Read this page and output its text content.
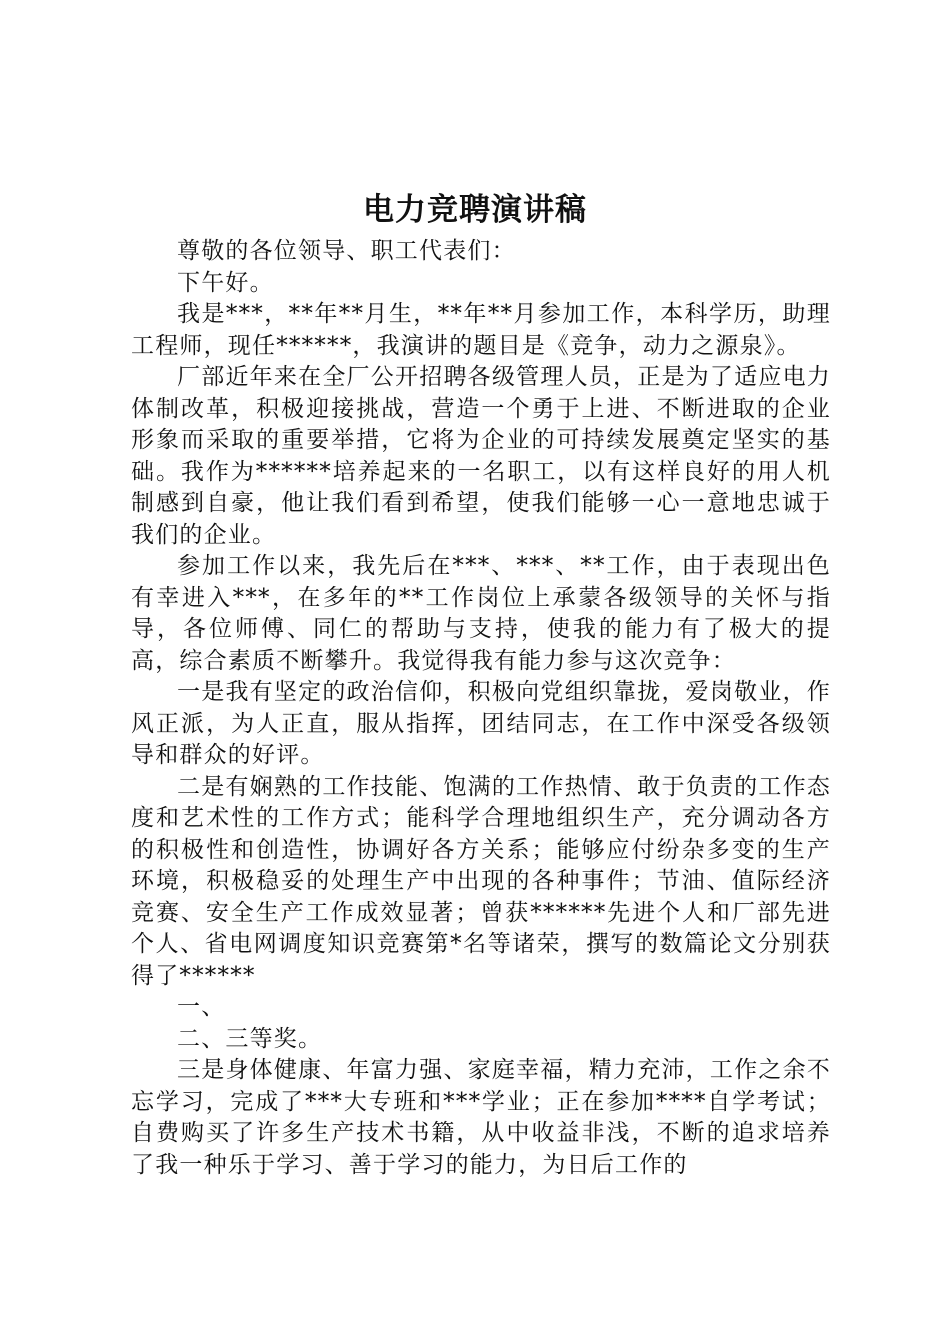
电力竞聘演讲稿

尊敬的各位领导、职工代表们：

下午好。

我是***，**年**月生，**年**月参加工作，本科学历，助理工程师，现任******，我演讲的题目是《竞争，动力之源泉》。

厂部近年来在全厂公开招聘各级管理人员，正是为了适应电力体制改革，积极迎接挑战，营造一个勇于上进、不断进取的企业形象而采取的重要举措，它将为企业的可持续发展奠定坚实的基础。我作为******培养起来的一名职工，以有这样良好的用人机制感到自豪，他让我们看到希望，使我们能够一心一意地忠诚于我们的企业。

参加工作以来，我先后在***、***、**工作，由于表现出色有幸进入***，在多年的**工作岗位上承蒙各级领导的关怀与指导，各位师傅、同仁的帮助与支持，使我的能力有了极大的提高，综合素质不断攀升。我觉得我有能力参与这次竞争：

一是我有坚定的政治信仰，积极向党组织靠拢，爱岗敬业，作风正派，为人正直，服从指挥，团结同志，在工作中深受各级领导和群众的好评。

二是有娴熟的工作技能、饱满的工作热情、敢于负责的工作态度和艺术性的工作方式；能科学合理地组织生产，充分调动各方的积极性和创造性，协调好各方关系；能够应付纷杂多变的生产环境，积极稳妥的处理生产中出现的各种事件；节油、值际经济竞赛、安全生产工作成效显著；曾获******先进个人和厂部先进个人、省电网调度知识竞赛第*名等诸荣，撰写的数篇论文分别获得了******

一、

二、三等奖。

三是身体健康、年富力强、家庭幸福，精力充沛，工作之余不忘学习，完成了***大专班和***学业；正在参加****自学考试；自费购买了许多生产技术书籍，从中收益非浅，不断的追求培养了我一种乐于学习、善于学习的能力，为日后工作的
